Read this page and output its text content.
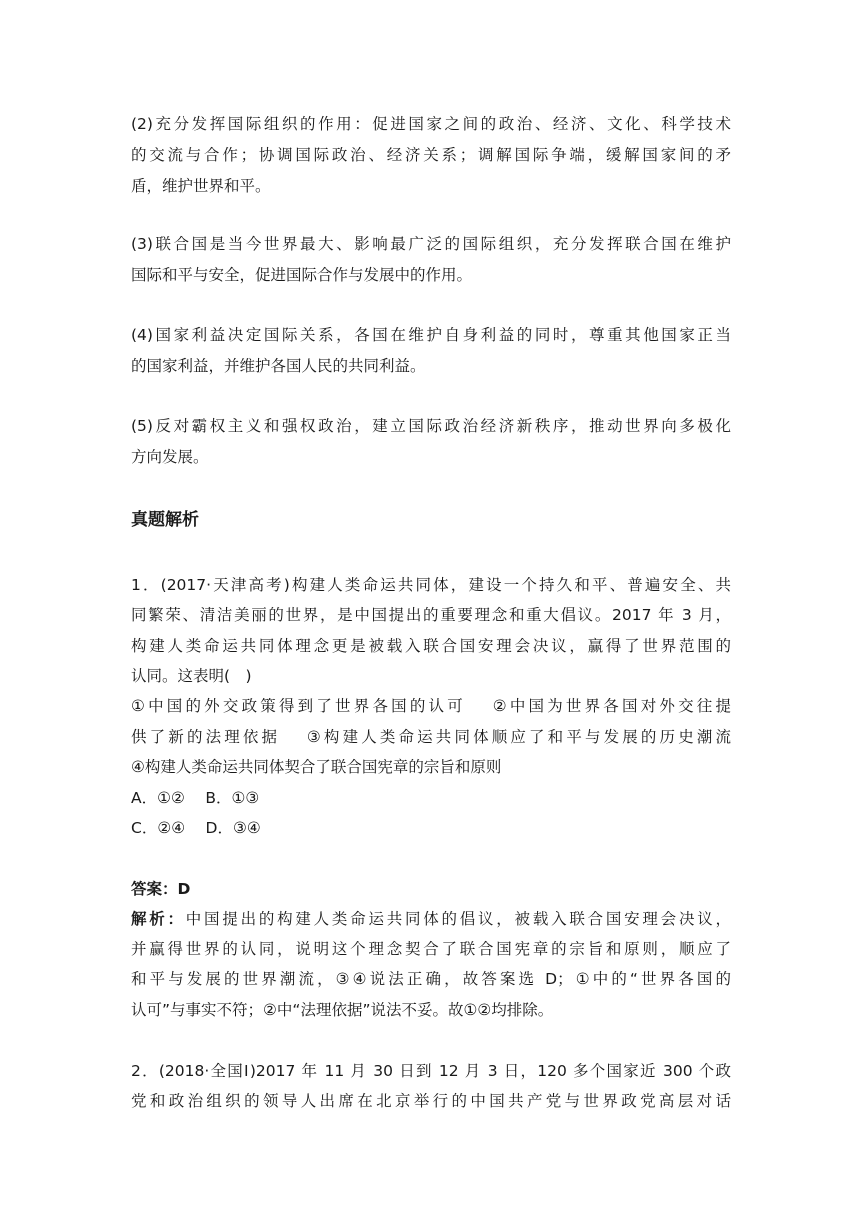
(2)充分发挥国际组织的作用：促进国家之间的政治、经济、文化、科学技术
的交流与合作；协调国际政治、经济关系；调解国际争端，缓解国家间的矛
盾，维护世界和平。
(3)联合国是当今世界最大、影响最广泛的国际组织，充分发挥联合国在维护
国际和平与安全，促进国际合作与发展中的作用。
(4)国家利益决定国际关系，各国在维护自身利益的同时，尊重其他国家正当
的国家利益，并维护各国人民的共同利益。
(5)反对霸权主义和强权政治，建立国际政治经济新秩序，推动世界向多极化
方向发展。
真题解析
1．(2017·天津高考)构建人类命运共同体，建设一个持久和平、普遍安全、共
同繁荣、清洁美丽的世界，是中国提出的重要理念和重大倡议。2017 年 3 月，
构建人类命运共同体理念更是被载入联合国安理会决议，赢得了世界范围的
认同。这表明(　)
①中国的外交政策得到了世界各国的认可　 ②中国为世界各国对外交往提
供了新的法理依据　 ③构建人类命运共同体顺应了和平与发展的历史潮流
④构建人类命运共同体契合了联合国宪章的宗旨和原则
A．①②　 B．①③
C．②④　 D．③④
答案：D
解析：中国提出的构建人类命运共同体的倡议，被载入联合国安理会决议，
并赢得世界的认同，说明这个理念契合了联合国宪章的宗旨和原则，顺应了
和平与发展的世界潮流，③④说法正确，故答案选 D；①中的“世界各国的
认可”与事实不符；②中“法理依据”说法不妥。故①②均排除。
2．(2018·全国Ⅰ)2017 年 11 月 30 日到 12 月 3 日，120 多个国家近 300 个政
党和政治组织的领导人出席在北京举行的中国共产党与世界政党高层对话
